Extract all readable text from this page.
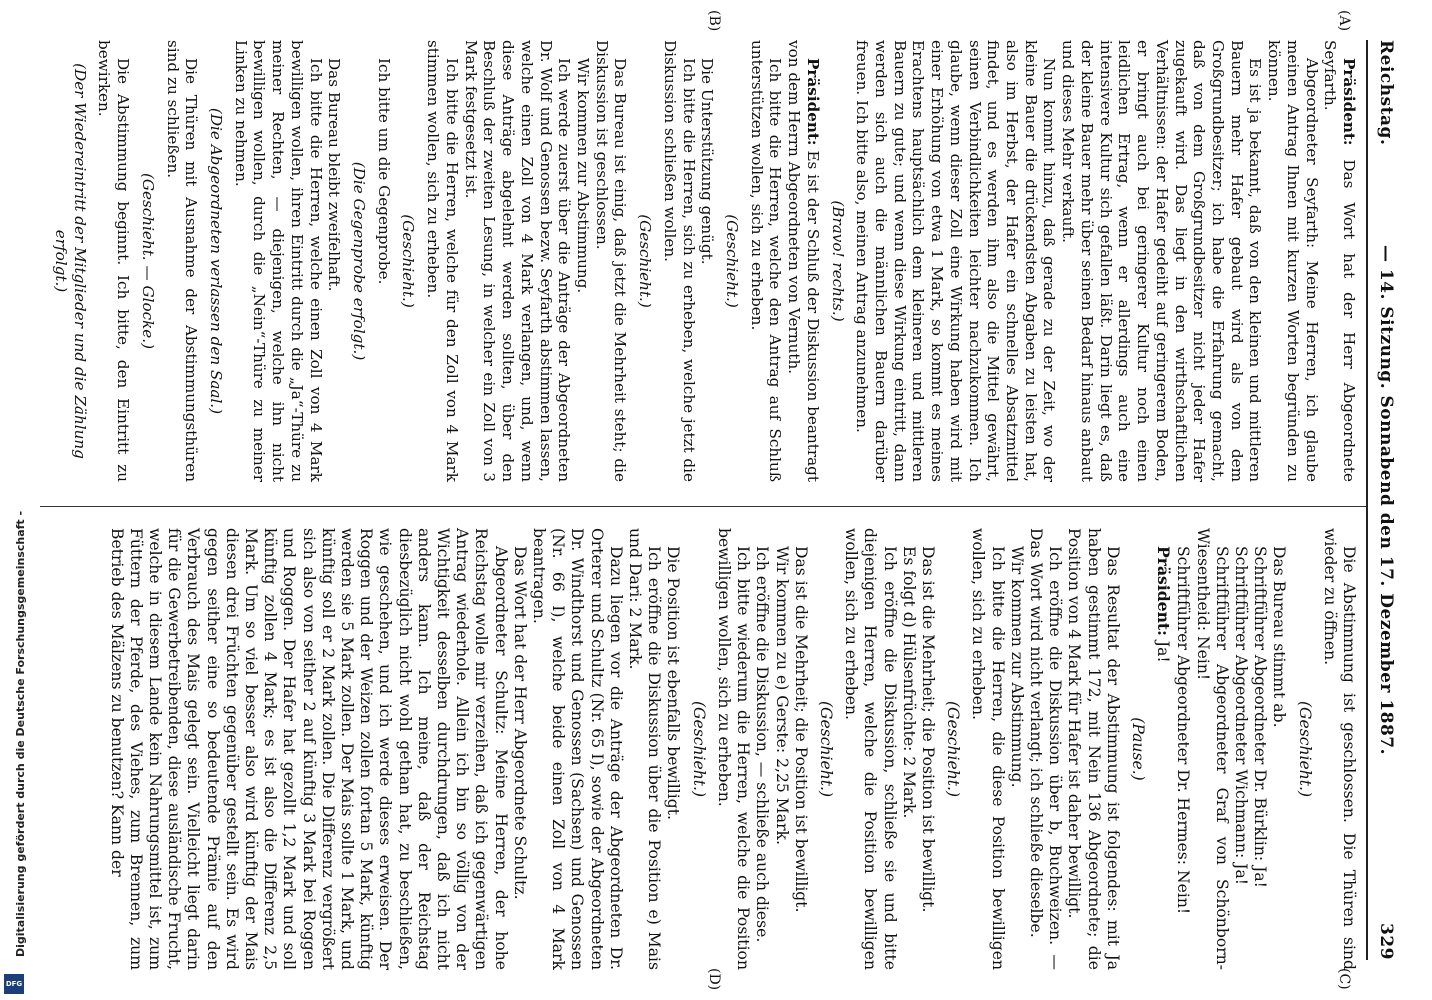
Reichstag.
— 14. Sitzung. Sonnabend den 17. Dezember 1887.
329
(A)
(B)
(C)
(D)

Präsident: Das Wort hat der Herr Abgeordnete Seyfarth.

Abgeordneter Seyfarth: Meine Herren, ich glaube meinen Antrag Ihnen mit kurzen Worten begründen zu können.

Es ist ja bekannt, daß von den kleinen und mittleren Bauern mehr Hafer gebaut wird als von dem Großgrundbesitzer; ich habe die Erfahrung gemacht, daß von dem Großgrundbesitzer nicht jeder Hafer zugekauft wird. Das liegt in den wirthschaftlichen Verhältnissen: der Hafer gedeiht auf geringerem Boden, er bringt auch bei geringerer Kultur noch einen leidlichen Ertrag, wenn er allerdings auch eine intensivere Kultur sich gefallen läßt. Darin liegt es, daß der kleine Bauer mehr über seinen Bedarf hinaus anbaut und dieses Mehr verkauft.

Nun kommt hinzu, daß gerade zu der Zeit, wo der kleine Bauer die drückendsten Abgaben zu leisten hat, also im Herbst, der Hafer ein schnelles Absatzmittel findet, und es werden ihm also die Mittel gewährt, seinen Verbindlichkeiten leichter nachzukommen. Ich glaube, wenn dieser Zoll eine Wirkung haben wird mit einer Erhöhung von etwa 1 Mark, so kommt es meines Erachtens hauptsächlich dem kleineren und mittleren Bauern zu gute; und wenn diese Wirkung eintritt, dann werden sich auch die männlichen Bauern darüber freuen. Ich bitte also, meinen Antrag anzunehmen.

(Bravo! rechts.)

Präsident: Es ist der Schluß der Diskussion beantragt von dem Herrn Abgeordneten von Vernuth.

Ich bitte die Herren, welche den Antrag auf Schluß unterstützen wollen, sich zu erheben.

(Geschieht.)

Die Unterstützung genügt.

Ich bitte die Herren, sich zu erheben, welche jetzt die Diskussion schließen wollen.

(Geschieht.)

Das Bureau ist einig, daß jetzt die Mehrheit steht; die Diskussion ist geschlossen.

Wir kommen zur Abstimmung.

Ich werde zuerst über die Anträge der Abgeordneten Dr. Wolf und Genossen bezw. Seyfarth abstimmen lassen, welche einen Zoll von 4 Mark verlangen, und, wenn diese Anträge abgelehnt werden sollten, über den Beschluß der zweiten Lesung, in welcher ein Zoll von 3 Mark festgesetzt ist.

Ich bitte die Herren, welche für den Zoll von 4 Mark stimmen wollen, sich zu erheben.

(Geschieht.)

Ich bitte um die Gegenprobe.

(Die Gegenprobe erfolgt.)

Das Bureau bleibt zweifelhaft.

Ich bitte die Herren, welche einen Zoll von 4 Mark bewilligen wollen, ihren Eintritt durch die „Ja“-Thüre zu meiner Rechten, — diejenigen, welche ihn nicht bewilligen wollen, durch die „Nein“-Thüre zu meiner Linken zu nehmen.

(Die Abgeordneten verlassen den Saal.)

Die Thüren mit Ausnahme der Abstimmungsthüren sind zu schließen.

(Geschieht. — Glocke.)

Die Abstimmung beginnt. Ich bitte, den Eintritt zu bewirken.

(Der Wiedereintritt der Mitglieder und die Zählung erfolgt.)

Die Abstimmung ist geschlossen. Die Thüren sind wieder zu öffnen.

(Geschieht.)

Das Bureau stimmt ab.

Schriftführer Abgeordneter Dr. Bürklin: Ja!

Schriftführer Abgeordneter Wichmann: Ja!

Schriftführer Abgeordneter Graf von Schönborn-Wiesentheid: Nein!

Schriftführer Abgeordneter Dr. Hermes: Nein!

Präsident: Ja!

(Pause.)

Das Resultat der Abstimmung ist folgendes: mit Ja haben gestimmt 172, mit Nein 136 Abgeordnete; die Position von 4 Mark für Hafer ist daher bewilligt.

Ich eröffne die Diskussion über b, Buchweizen. — Das Wort wird nicht verlangt; ich schließe dieselbe.

Wir kommen zur Abstimmung.

Ich bitte die Herren, die diese Position bewilligen wollen, sich zu erheben.

(Geschieht.)

Das ist die Mehrheit; die Position ist bewilligt.

Es folgt d) Hülsenfrüchte: 2 Mark.

Ich eröffne die Diskussion, schließe sie und bitte diejenigen Herren, welche die Position bewilligen wollen, sich zu erheben.

(Geschieht.)

Das ist die Mehrheit; die Position ist bewilligt.

Wir kommen zu e) Gerste: 2,25 Mark.

Ich eröffne die Diskussion, — schließe auch diese.

Ich bitte wiederum die Herren, welche die Position bewilligen wollen, sich zu erheben.

(Geschieht.)

Die Position ist ebenfalls bewilligt.

Ich eröffne die Diskussion über die Position e) Mais und Dari: 2 Mark.

Dazu liegen vor die Anträge der Abgeordneten Dr. Orterer und Schultz (Nr. 65 I), sowie der Abgeordneten Dr. Windthorst und Genossen (Sachsen) und Genossen (Nr. 66 I), welche beide einen Zoll von 4 Mark beantragen.

Das Wort hat der Herr Abgeordnete Schultz.

Abgeordneter Schultz: Meine Herren, der hohe Reichstag wolle mir verzeihen, daß ich gegenwärtigen Antrag wiederhole. Allein ich bin so völlig von der Wichtigkeit desselben durchdrungen, daß ich nicht anders kann. Ich meine, daß der Reichstag diesbezüglich nicht wohl gethan hat, zu beschließen, wie geschehen, und ich werde dieses erweisen. Der Roggen und der Weizen zollen fortan 5 Mark, künftig werden sie 5 Mark zollen. Der Mais sollte 1 Mark, und künftig soll er 2 Mark zollen. Die Differenz vergrößert sich also von seither 2 auf künftig 3 Mark bei Roggen und Roggen. Der Hafer hat gezollt 1,2 Mark und soll künftig zollen 4 Mark; es ist also die Differenz 2,5 Mark. Um so viel besser also wird künftig der Mais diesen drei Früchten gegenüber gestellt sein. Es wird gegen seither eine so bedeutende Prämie auf den Verbrauch des Mais gelegt sein. Vielleicht liegt darin für die Gewerbetreibenden, diese ausländische Frucht, welche in diesem Lande kein Nahrungsmittel ist, zum Füttern der Pferde, des Viehes, zum Brennen, zum Betrieb des Mälzens zu benutzen? Kann der

DFG
Digitalisierung gefördert durch die Deutsche Forschungsgemeinschaft -
